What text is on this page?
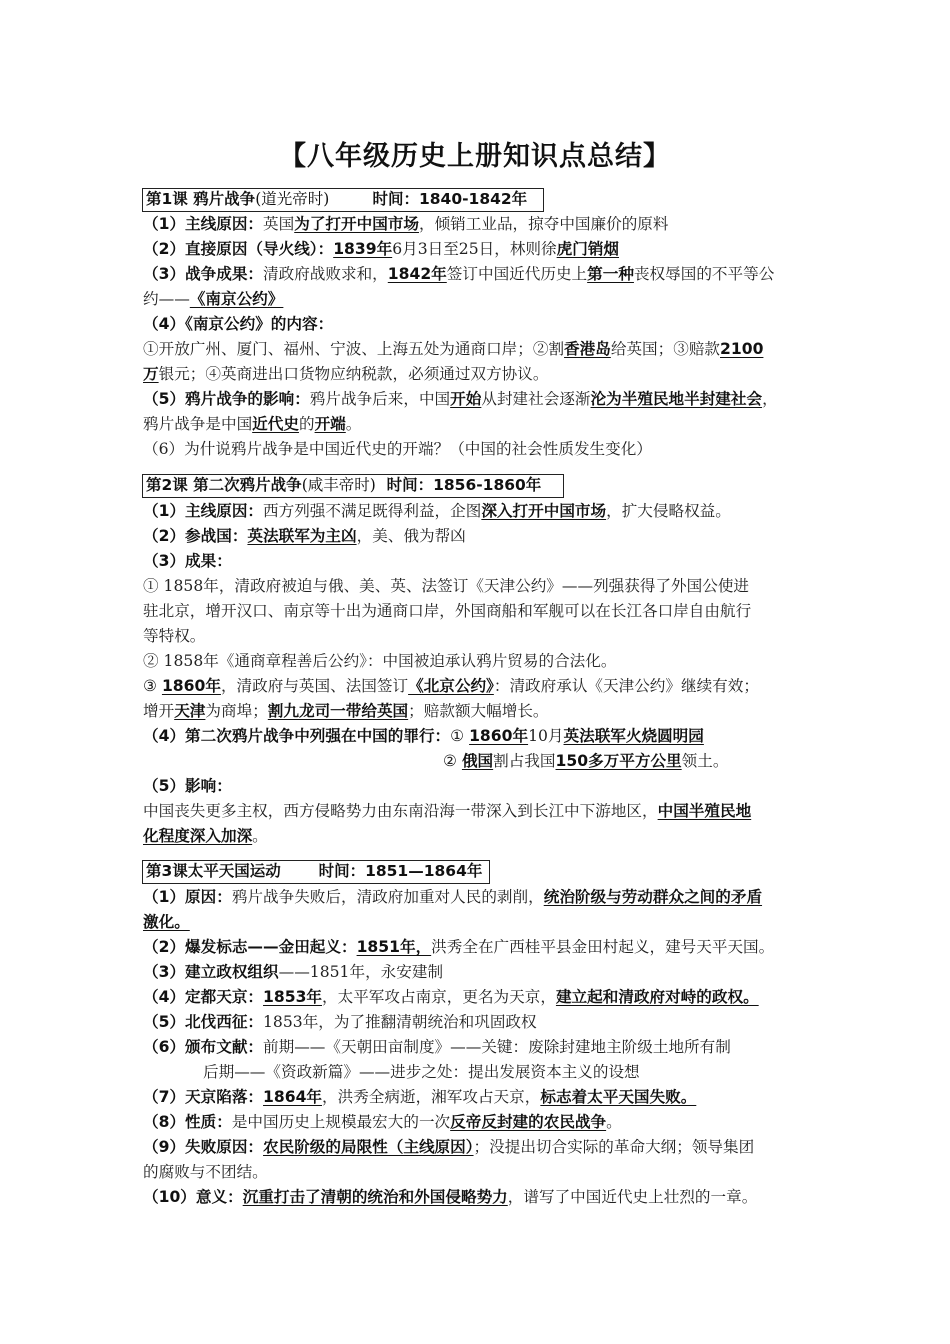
【八年级历史上册知识点总结】
第1课 鸦片战争(道光帝时)        时间：1840-1842年
（1）主线原因：英国为了打开中国市场，倾销工业品，掠夺中国廉价的原料
（2）直接原因（导火线）：1839年6月3日至25日，林则徐虎门销烟
（3）战争成果：清政府战败求和，1842年签订中国近代历史上第一种丧权辱国的不平等公
约——《南京公约》
（4）《南京公约》的内容：
①开放广州、厦门、福州、宁波、上海五处为通商口岸；②割香港岛给英国；③赔款2100
万银元；④英商进出口货物应纳税款，必须通过双方协议。
（5）鸦片战争的影响：鸦片战争后来，中国开始从封建社会逐渐沦为半殖民地半封建社会，
鸦片战争是中国近代史的开端。
（6）为什说鸦片战争是中国近代史的开端？（中国的社会性质发生变化）
第2课 第二次鸦片战争(咸丰帝时)  时间：1856-1860年
（1）主线原因：西方列强不满足既得利益，企图深入打开中国市场，扩大侵略权益。
（2）参战国：英法联军为主凶，美、俄为帮凶
（3）成果：
① 1858年，清政府被迫与俄、美、英、法签订《天津公约》——列强获得了外国公使进
驻北京，增开汉口、南京等十出为通商口岸，外国商船和军舰可以在长江各口岸自由航行
等特权。
② 1858年《通商章程善后公约》：中国被迫承认鸦片贸易的合法化。
③ 1860年，清政府与英国、法国签订《北京公约》：清政府承认《天津公约》继续有效；
增开天津为商埠；割九龙司一带给英国；赔款额大幅增长。
（4）第二次鸦片战争中列强在中国的罪行：① 1860年10月英法联军火烧圆明园
② 俄国割占我国150多万平方公里领土。
（5）影响：
中国丧失更多主权，西方侵略势力由东南沿海一带深入到长江中下游地区，中国半殖民地
化程度深入加深。
第3课太平天国运动       时间：1851—1864年
（1）原因：鸦片战争失败后，清政府加重对人民的剥削，统治阶级与劳动群众之间的矛盾
激化。
（2）爆发标志——金田起义：1851年，洪秀全在广西桂平县金田村起义，建号天平天国。
（3）建立政权组织——1851年，永安建制
（4）定都天京：1853年，太平军攻占南京，更名为天京，建立起和清政府对峙的政权。
（5）北伐西征：1853年，为了推翻清朝统治和巩固政权
（6）颁布文献：前期——《天朝田亩制度》——关键：废除封建地主阶级土地所有制
后期——《资政新篇》——进步之处：提出发展资本主义的设想
（7）天京陷落：1864年，洪秀全病逝，湘军攻占天京，标志着太平天国失败。
（8）性质：是中国历史上规模最宏大的一次反帝反封建的农民战争。
（9）失败原因：农民阶级的局限性（主线原因）；没提出切合实际的革命大纲；领导集团
的腐败与不团结。
（10）意义：沉重打击了清朝的统治和外国侵略势力，谱写了中国近代史上壮烈的一章。
